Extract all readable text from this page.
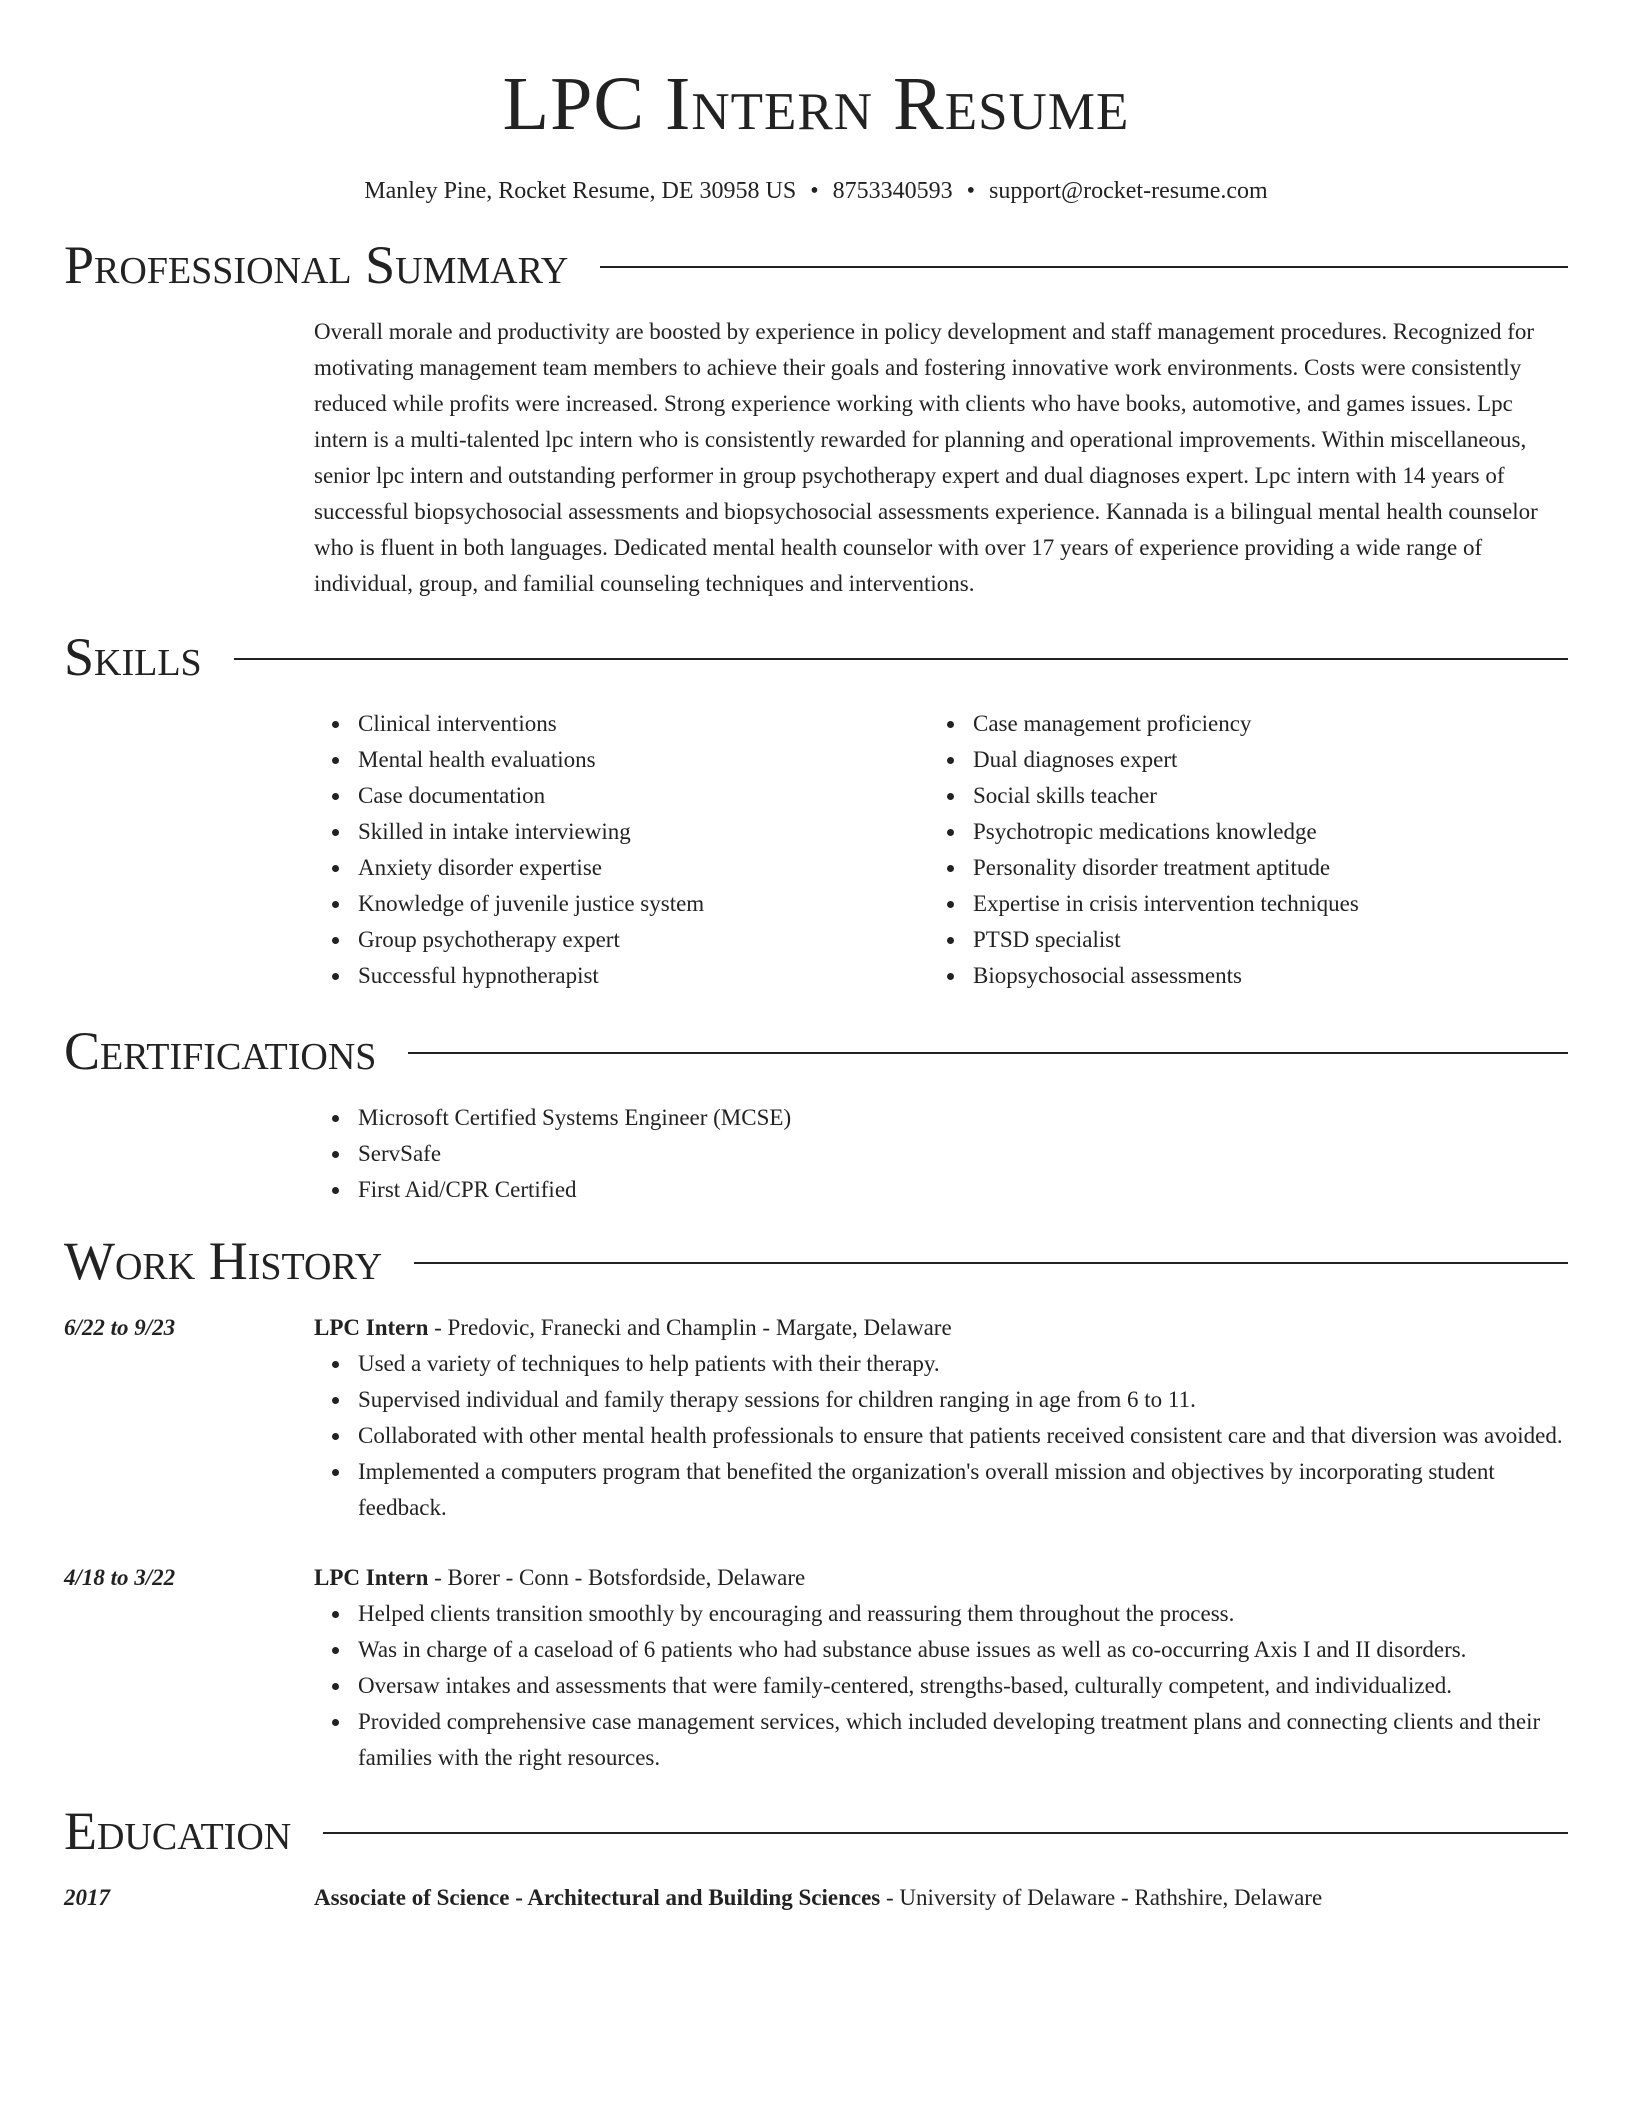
LPC Intern Resume
Manley Pine, Rocket Resume, DE 30958 US • 8753340593 • support@rocket-resume.com
Professional Summary
Overall morale and productivity are boosted by experience in policy development and staff management procedures. Recognized for motivating management team members to achieve their goals and fostering innovative work environments. Costs were consistently reduced while profits were increased. Strong experience working with clients who have books, automotive, and games issues. Lpc intern is a multi-talented lpc intern who is consistently rewarded for planning and operational improvements. Within miscellaneous, senior lpc intern and outstanding performer in group psychotherapy expert and dual diagnoses expert. Lpc intern with 14 years of successful biopsychosocial assessments and biopsychosocial assessments experience. Kannada is a bilingual mental health counselor who is fluent in both languages. Dedicated mental health counselor with over 17 years of experience providing a wide range of individual, group, and familial counseling techniques and interventions.
Skills
Clinical interventions
Mental health evaluations
Case documentation
Skilled in intake interviewing
Anxiety disorder expertise
Knowledge of juvenile justice system
Group psychotherapy expert
Successful hypnotherapist
Case management proficiency
Dual diagnoses expert
Social skills teacher
Psychotropic medications knowledge
Personality disorder treatment aptitude
Expertise in crisis intervention techniques
PTSD specialist
Biopsychosocial assessments
Certifications
Microsoft Certified Systems Engineer (MCSE)
ServSafe
First Aid/CPR Certified
Work History
6/22 to 9/23	LPC Intern - Predovic, Franecki and Champlin - Margate, Delaware
Used a variety of techniques to help patients with their therapy.
Supervised individual and family therapy sessions for children ranging in age from 6 to 11.
Collaborated with other mental health professionals to ensure that patients received consistent care and that diversion was avoided.
Implemented a computers program that benefited the organization's overall mission and objectives by incorporating student feedback.
4/18 to 3/22	LPC Intern - Borer - Conn - Botsfordside, Delaware
Helped clients transition smoothly by encouraging and reassuring them throughout the process.
Was in charge of a caseload of 6 patients who had substance abuse issues as well as co-occurring Axis I and II disorders.
Oversaw intakes and assessments that were family-centered, strengths-based, culturally competent, and individualized.
Provided comprehensive case management services, which included developing treatment plans and connecting clients and their families with the right resources.
Education
2017	Associate of Science - Architectural and Building Sciences - University of Delaware - Rathshire, Delaware
